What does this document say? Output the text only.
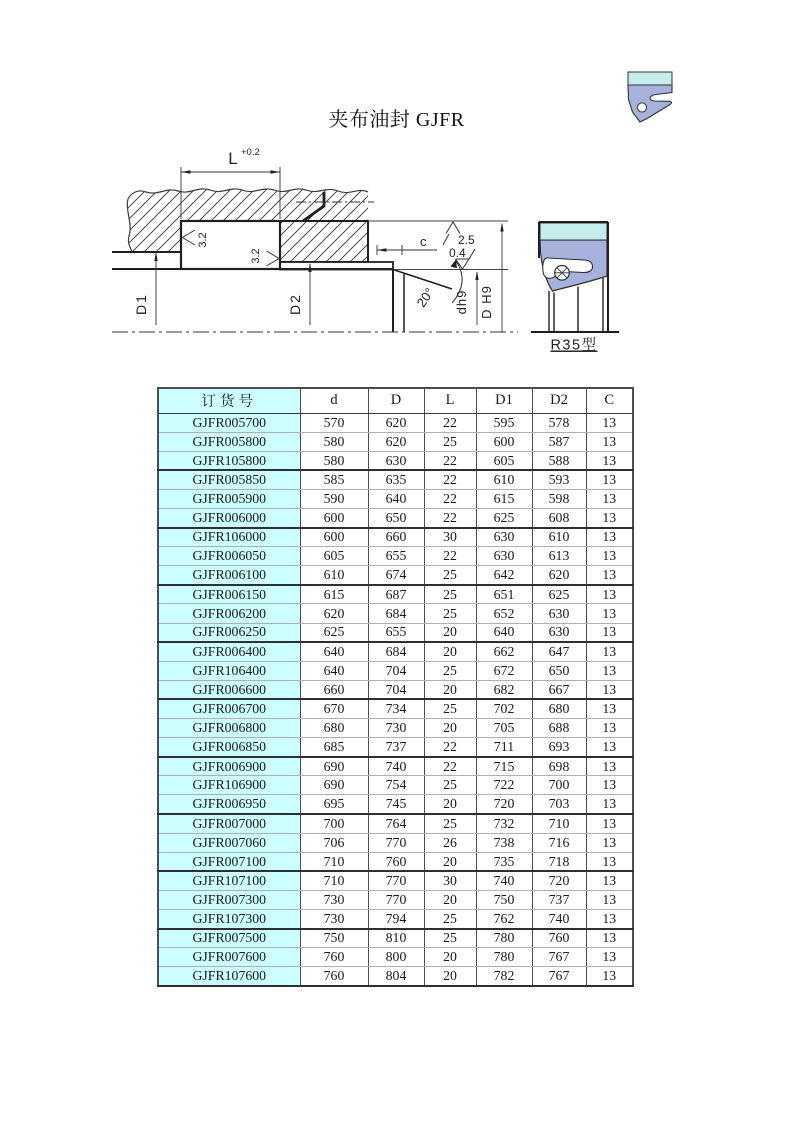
夹布油封 GJFR
L +0.2
D1	D2	dh9 D H9
c
3.2
3.2
2.5
0.4
20°
R35型
订货号	d	D	L	D1	D2	C
GJFR005700	570	620	22	595	578	13
GJFR005800	580	620	25	600	587	13
GJFR105800	580	630	22	605	588	13
GJFR005850	585	635	22	610	593	13
GJFR005900	590	640	22	615	598	13
GJFR006000	600	650	22	625	608	13
GJFR106000	600	660	30	630	610	13
GJFR006050	605	655	22	630	613	13
GJFR006100	610	674	25	642	620	13
GJFR006150	615	687	25	651	625	13
GJFR006200	620	684	25	652	630	13
GJFR006250	625	655	20	640	630	13
GJFR006400	640	684	20	662	647	13
GJFR106400	640	704	25	672	650	13
GJFR006600	660	704	20	682	667	13
GJFR006700	670	734	25	702	680	13
GJFR006800	680	730	20	705	688	13
GJFR006850	685	737	22	711	693	13
GJFR006900	690	740	22	715	698	13
GJFR106900	690	754	25	722	700	13
GJFR006950	695	745	20	720	703	13
GJFR007000	700	764	25	732	710	13
GJFR007060	706	770	26	738	716	13
GJFR007100	710	760	20	735	718	13
GJFR107100	710	770	30	740	720	13
GJFR007300	730	770	20	750	737	13
GJFR107300	730	794	25	762	740	13
GJFR007500	750	810	25	780	760	13
GJFR007600	760	800	20	780	767	13
GJFR107600	760	804	20	782	767	13
